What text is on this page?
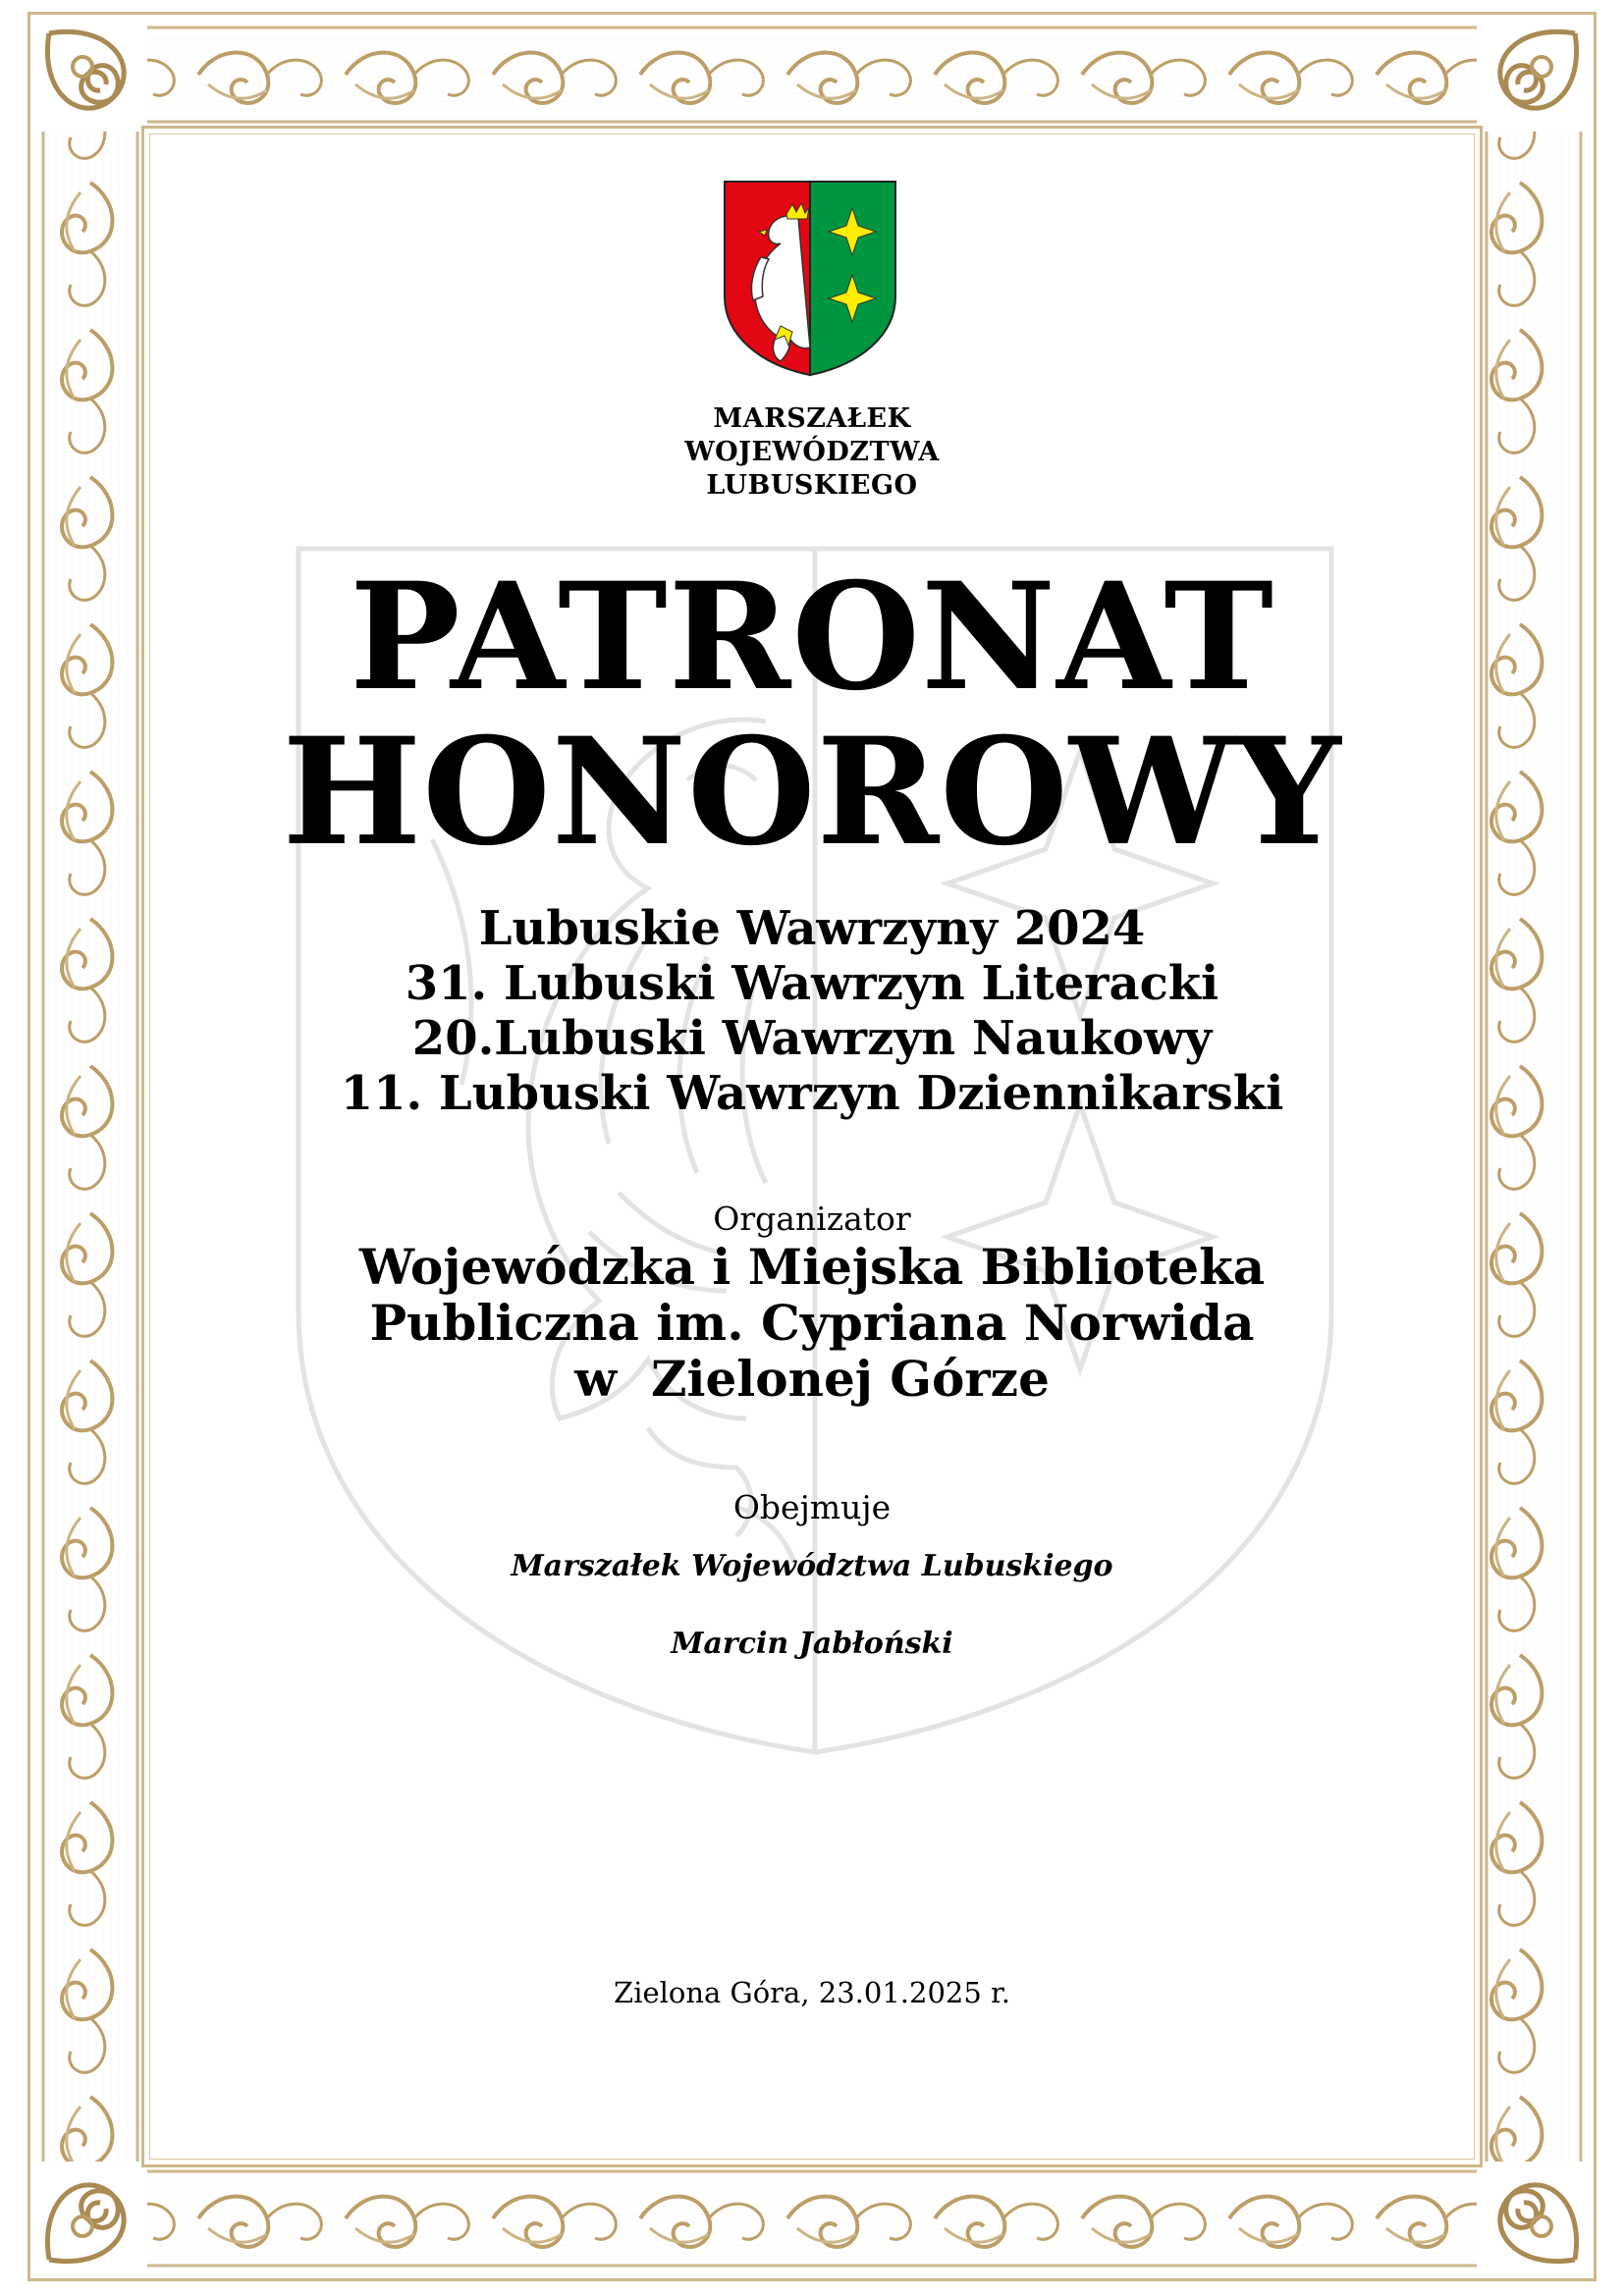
MARSZAŁEK
WOJEWÓDZTWA
LUBUSKIEGO
PATRONAT
HONOROWY
Lubuskie Wawrzyny 2024
31. Lubuski Wawrzyn Literacki
20.Lubuski Wawrzyn Naukowy
11. Lubuski Wawrzyn Dziennikarski
Organizator
Wojewódzka i Miejska Biblioteka
Publiczna im. Cypriana Norwida
w  Zielonej Górze
Obejmuje
Marszałek Województwa Lubuskiego
Marcin Jabłoński
Zielona Góra, 23.01.2025 r.
